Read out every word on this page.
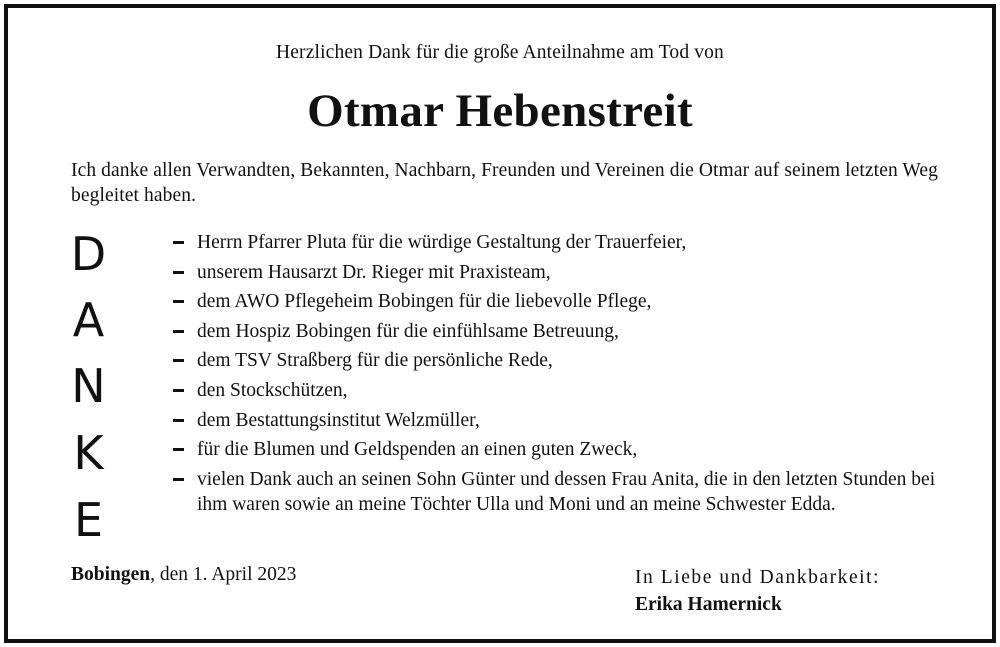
Herzlichen Dank für die große Anteilnahme am Tod von
Otmar Hebenstreit
Ich danke allen Verwandten, Bekannten, Nachbarn, Freunden und Vereinen die Otmar auf seinem letzten Weg begleitet haben.
D
A
N
K
E
Herrn Pfarrer Pluta für die würdige Gestaltung der Trauerfeier,
unserem Hausarzt Dr. Rieger mit Praxisteam,
dem AWO Pflegeheim Bobingen für die liebevolle Pflege,
dem Hospiz Bobingen für die einfühlsame Betreuung,
dem TSV Straßberg für die persönliche Rede,
den Stockschützen,
dem Bestattungsinstitut Welzmüller,
für die Blumen und Geldspenden an einen guten Zweck,
vielen Dank auch an seinen Sohn Günter und dessen Frau Anita, die in den letzten Stunden bei ihm waren sowie an meine Töchter Ulla und Moni und an meine Schwester Edda.
Bobingen, den 1. April 2023	In Liebe und Dankbarkeit:
Erika Hamernick
